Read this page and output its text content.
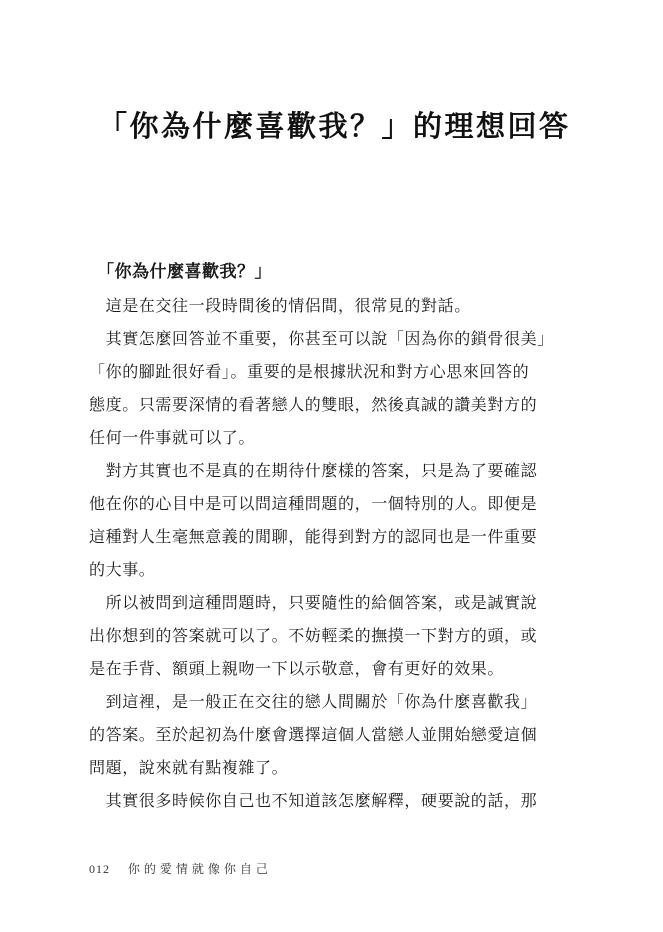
「你為什麼喜歡我？」的理想回答

「你為什麼喜歡我？」

　這是在交往一段時間後的情侶間，很常見的對話。
　其實怎麼回答並不重要，你甚至可以說「因為你的鎖骨很美」
「你的腳趾很好看」。重要的是根據狀況和對方心思來回答的
態度。只需要深情的看著戀人的雙眼，然後真誠的讚美對方的
任何一件事就可以了。
　對方其實也不是真的在期待什麼樣的答案，只是為了要確認
他在你的心目中是可以問這種問題的，一個特別的人。即便是
這種對人生毫無意義的閒聊，能得到對方的認同也是一件重要
的大事。
　所以被問到這種問題時，只要隨性的給個答案，或是誠實說
出你想到的答案就可以了。不妨輕柔的撫摸一下對方的頭，或
是在手背、額頭上親吻一下以示敬意，會有更好的效果。
　到這裡，是一般正在交往的戀人間關於「你為什麼喜歡我」
的答案。至於起初為什麼會選擇這個人當戀人並開始戀愛這個
問題，說來就有點複雜了。
　其實很多時候你自己也不知道該怎麼解釋，硬要說的話，那
012 你的愛情就像你自己
